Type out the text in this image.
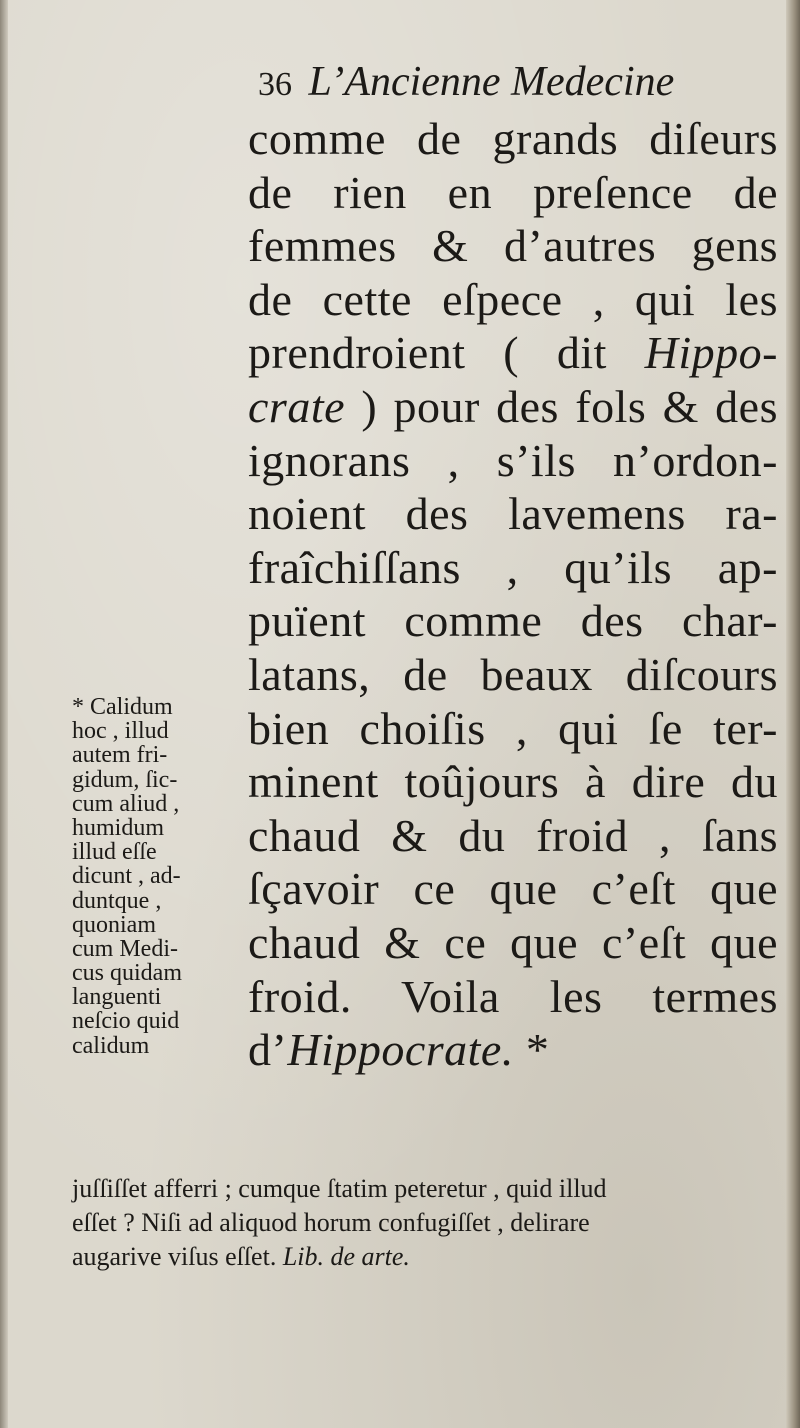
36 L’Ancienne Medecine
comme de grands diſeurs
de rien en preſence de
femmes & d’autres gens
de cette eſpece , qui les
prendroient ( dit Hippo-
crate ) pour des fols & des
ignorans , s’ils n’ordon-
noient des lavemens ra-
fraîchiſſans , qu’ils ap-
puïent comme des char-
latans, de beaux diſcours
bien choiſis , qui ſe ter-
minent toûjours à dire du
chaud & du froid , ſans
ſçavoir ce que c’eſt que
chaud & ce que c’eſt que
froid. Voila les termes
d’Hippocrate. *
* Calidum
hoc , illud
autem fri-
gidum, ſic-
cum aliud ,
humidum
illud eſſe
dicunt , ad-
duntque ,
quoniam
cum Medi-
cus quidam
languenti
neſcio quid
calidum
juſſiſſet afferri ; cumque ſtatim peteretur , quid illud
eſſet ? Niſi ad aliquod horum confugiſſet , delirare
augarive viſus eſſet. Lib. de arte.
